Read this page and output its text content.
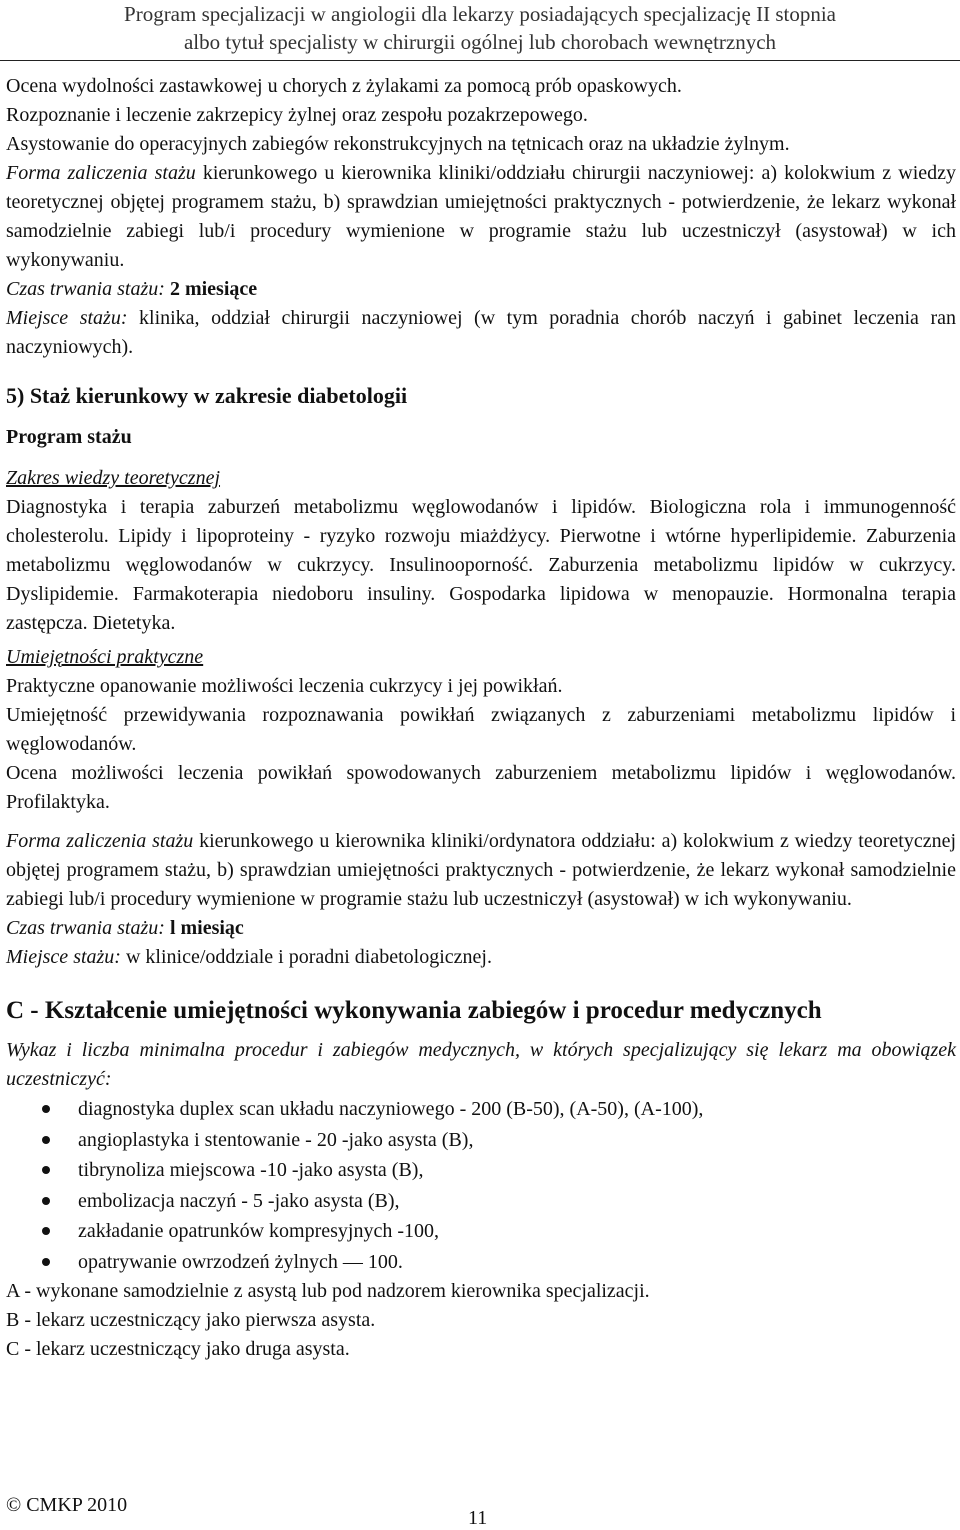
Program specjalizacji w angiologii dla lekarzy posiadających specjalizację II stopnia
albo tytuł specjalisty w chirurgii ogólnej lub chorobach wewnętrznych

Ocena wydolności zastawkowej u chorych z żylakami za pomocą prób opaskowych.

Rozpoznanie i leczenie zakrzepicy żylnej oraz zespołu pozakrzepowego.

Asystowanie do operacyjnych zabiegów rekonstrukcyjnych na tętnicach oraz na układzie żylnym.

Forma zaliczenia stażu kierunkowego u kierownika kliniki/oddziału chirurgii naczyniowej: a) kolokwium z wiedzy teoretycznej objętej programem stażu, b) sprawdzian umiejętności praktycznych - potwierdzenie, że lekarz wykonał samodzielnie zabiegi lub/i procedury wymienione w programie stażu lub uczestniczył (asystował) w ich wykonywaniu.

Czas trwania stażu: 2 miesiące

Miejsce stażu: klinika, oddział chirurgii naczyniowej (w tym poradnia chorób naczyń i gabinet leczenia ran naczyniowych).

5) Staż kierunkowy w zakresie diabetologii
Program stażu

Zakres wiedzy teoretycznej

Diagnostyka i terapia zaburzeń metabolizmu węglowodanów i lipidów. Biologiczna rola i immunogenność cholesterolu. Lipidy i lipoproteiny - ryzyko rozwoju miażdżycy. Pierwotne i wtórne hyperlipidemie. Zaburzenia metabolizmu węglowodanów w cukrzycy. Insulinooporność. Zaburzenia metabolizmu lipidów w cukrzycy. Dyslipidemie. Farmakoterapia niedoboru insuliny. Gospodarka lipidowa w menopauzie. Hormonalna terapia zastępcza. Dietetyka.

Umiejętności praktyczne

Praktyczne opanowanie możliwości leczenia cukrzycy i jej powikłań.

Umiejętność przewidywania rozpoznawania powikłań związanych z zaburzeniami metabolizmu lipidów i węglowodanów.

Ocena możliwości leczenia powikłań spowodowanych zaburzeniem metabolizmu lipidów i węglowodanów. Profilaktyka.

Forma zaliczenia stażu kierunkowego u kierownika kliniki/ordynatora oddziału: a) kolokwium z wiedzy teoretycznej objętej programem stażu, b) sprawdzian umiejętności praktycznych - potwierdzenie, że lekarz wykonał samodzielnie zabiegi lub/i procedury wymienione w programie stażu lub uczestniczył (asystował) w ich wykonywaniu.

Czas trwania stażu: l miesiąc

Miejsce stażu: w klinice/oddziale i poradni diabetologicznej.

C - Kształcenie umiejętności wykonywania zabiegów i procedur medycznych

Wykaz i liczba minimalna procedur i zabiegów medycznych, w których specjalizujący się lekarz ma obowiązek uczestniczyć:

diagnostyka duplex scan układu naczyniowego - 200 (B-50), (A-50), (A-100),
angioplastyka i stentowanie - 20 -jako asysta (B),
tibrynoliza miejscowa -10 -jako asysta (B),
embolizacja naczyń - 5 -jako asysta (B),
zakładanie opatrunków kompresyjnych -100,
opatrywanie owrzodzeń żylnych — 100.

A - wykonane samodzielnie z asystą lub pod nadzorem kierownika specjalizacji.

B - lekarz uczestniczący jako pierwsza asysta.

C - lekarz uczestniczący jako druga asysta.

© CMKP 2010
11
